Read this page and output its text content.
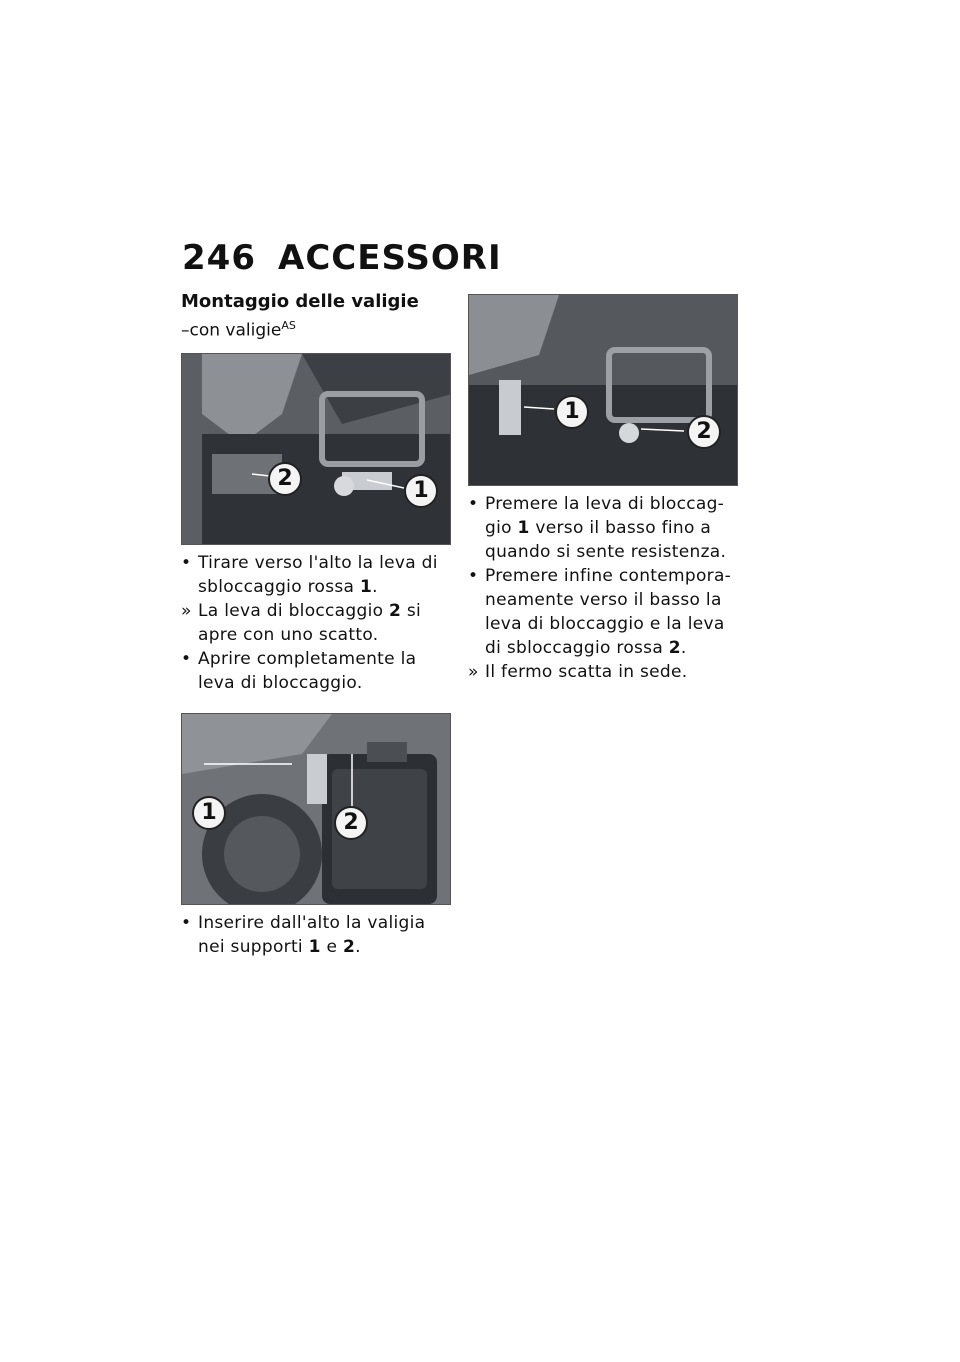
246 ACCESSORI

Montaggio delle valigie

–con valigie$^{AS}$

2	1
• Tirare verso l'alto la leva di sbloccaggio rossa 1.
» La leva di bloccaggio 2 si apre con uno scatto.
• Aprire completamente la leva di bloccaggio.
1	2
• Inserire dall'alto la valigia nei supporti 1 e 2.
1
2
• Premere la leva di bloccag-gio 1 verso il basso fino a quando si sente resistenza.
• Premere infine contempora-neamente verso il basso la leva di bloccaggio e la leva di sbloccaggio rossa 2.
» Il fermo scatta in sede.
